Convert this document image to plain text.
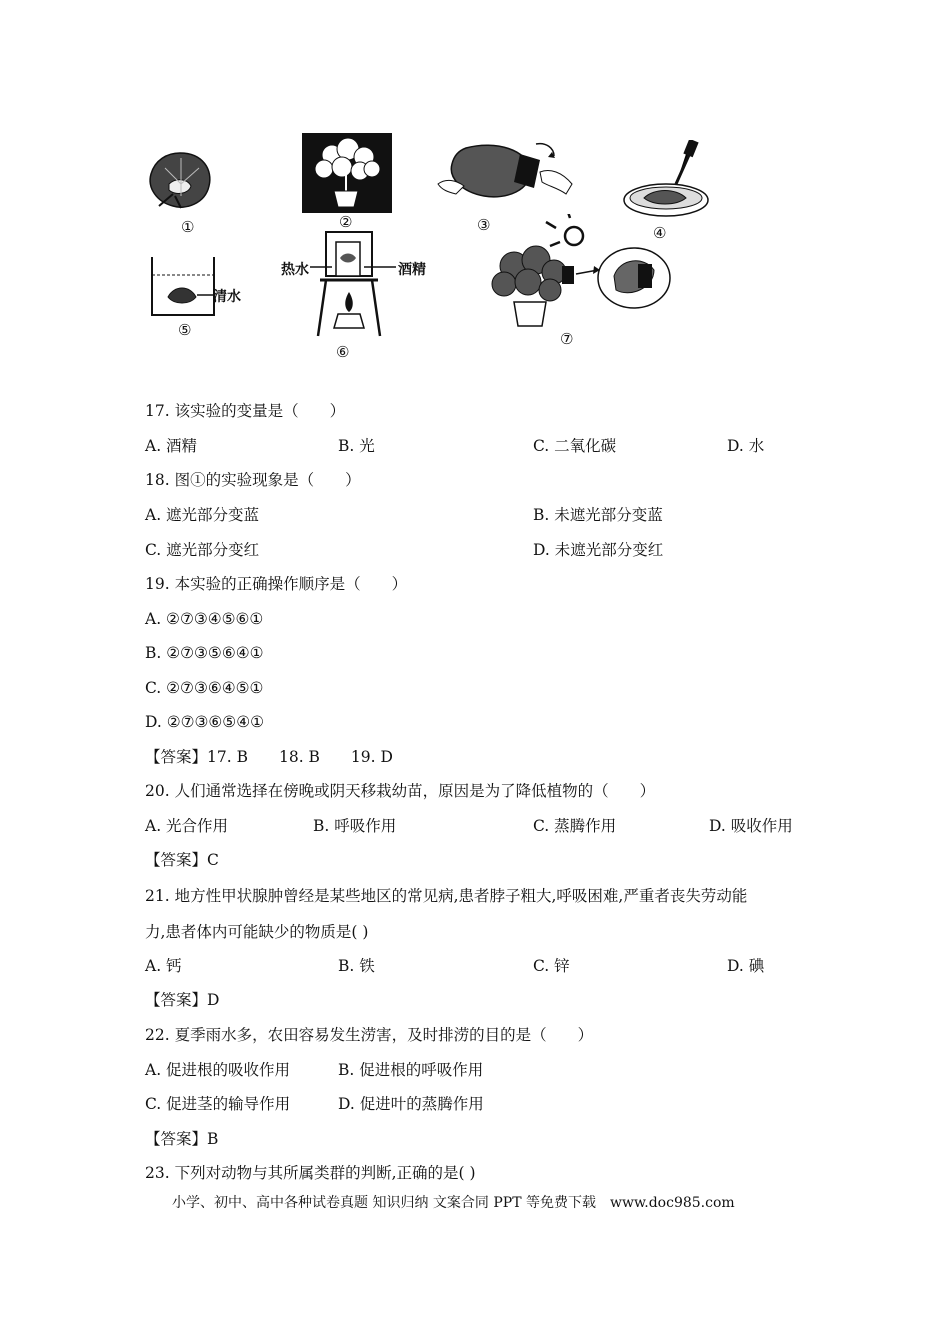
①	②	③	④
清水
⑤
热水	酒精
⑥
⑦
17. 该实验的变量是（　　）
A. 酒精	B. 光	C. 二氧化碳	D. 水
18. 图①的实验现象是（　　）
A. 遮光部分变蓝	B. 未遮光部分变蓝
C. 遮光部分变红	D. 未遮光部分变红
19. 本实验的正确操作顺序是（　　）
A. ②⑦③④⑤⑥①
B. ②⑦③⑤⑥④①
C. ②⑦③⑥④⑤①
D. ②⑦③⑥⑤④①
【答案】17. B　　18. B　　19. D
20. 人们通常选择在傍晚或阴天移栽幼苗，原因是为了降低植物的（　　）
A. 光合作用	B. 呼吸作用	C. 蒸腾作用	D. 吸收作用
【答案】C
21. 地方性甲状腺肿曾经是某些地区的常见病,患者脖子粗大,呼吸困难,严重者丧失劳动能
力,患者体内可能缺少的物质是( )
A. 钙	B. 铁	C. 锌	D. 碘
【答案】D
22. 夏季雨水多，农田容易发生涝害，及时排涝的目的是（　　）
A. 促进根的吸收作用	B. 促进根的呼吸作用
C. 促进茎的输导作用	D. 促进叶的蒸腾作用
【答案】B
23. 下列对动物与其所属类群的判断,正确的是( )
小学、初中、高中各种试卷真题 知识归纳 文案合同 PPT 等免费下载　www.doc985.com
